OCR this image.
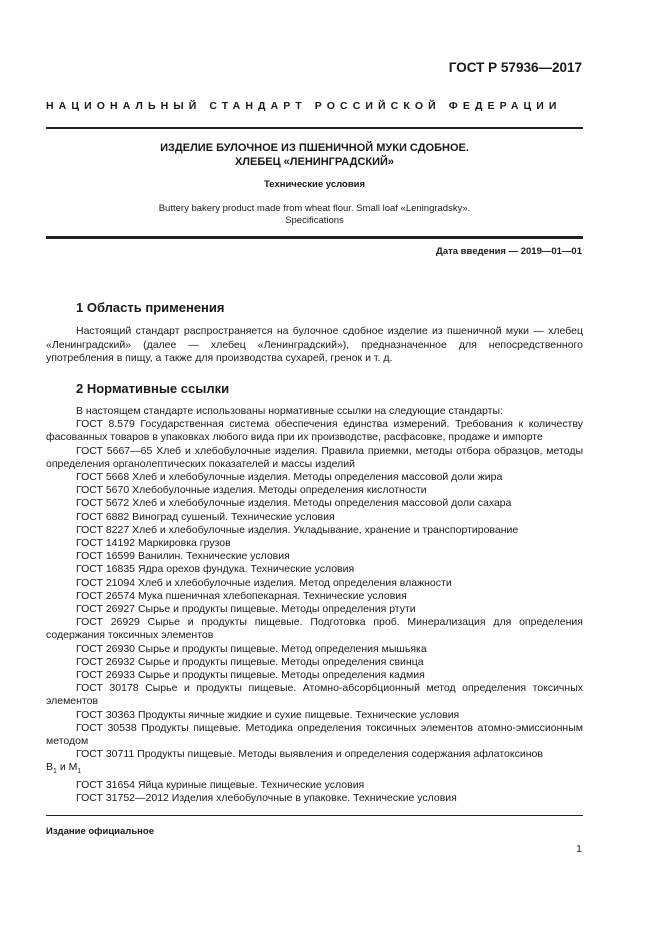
ГОСТ Р 57936—2017
НАЦИОНАЛЬНЫЙ СТАНДАРТ РОССИЙСКОЙ ФЕДЕРАЦИИ
ИЗДЕЛИЕ БУЛОЧНОЕ ИЗ ПШЕНИЧНОЙ МУКИ СДОБНОЕ.
ХЛЕБЕЦ «ЛЕНИНГРАДСКИЙ»
Технические условия
Buttery bakery product made from wheat flour. Small loaf «Leningradsky».
Specifications
Дата введения — 2019—01—01
1 Область применения
Настоящий стандарт распространяется на булочное сдобное изделие из пшеничной муки — хлебец «Ленинградский» (далее — хлебец «Ленинградский»), предназначенное для непосредственного употребления в пищу, а также для производства сухарей, гренок и т. д.
2 Нормативные ссылки
В настоящем стандарте использованы нормативные ссылки на следующие стандарты:
ГОСТ 8.579 Государственная система обеспечения единства измерений. Требования к количеству фасованных товаров в упаковках любого вида при их производстве, расфасовке, продаже и импорте
ГОСТ 5667—65 Хлеб и хлебобулочные изделия. Правила приемки, методы отбора образцов, методы определения органолептических показателей и массы изделий
ГОСТ 5668 Хлеб и хлебобулочные изделия. Методы определения массовой доли жира
ГОСТ 5670 Хлебобулочные изделия. Методы определения кислотности
ГОСТ 5672 Хлеб и хлебобулочные изделия. Методы определения массовой доли сахара
ГОСТ 6882 Виноград сушеный. Технические условия
ГОСТ 8227 Хлеб и хлебобулочные изделия. Укладывание, хранение и транспортирование
ГОСТ 14192 Маркировка грузов
ГОСТ 16599 Ванилин. Технические условия
ГОСТ 16835 Ядра орехов фундука. Технические условия
ГОСТ 21094 Хлеб и хлебобулочные изделия. Метод определения влажности
ГОСТ 26574 Мука пшеничная хлебопекарная. Технические условия
ГОСТ 26927 Сырье и продукты пищевые. Методы определения ртути
ГОСТ 26929 Сырье и продукты пищевые. Подготовка проб. Минерализация для определения содержания токсичных элементов
ГОСТ 26930 Сырье и продукты пищевые. Метод определения мышьяка
ГОСТ 26932 Сырье и продукты пищевые. Методы определения свинца
ГОСТ 26933 Сырье и продукты пищевые. Методы определения кадмия
ГОСТ 30178 Сырье и продукты пищевые. Атомно-абсорбционный метод определения токсичных элементов
ГОСТ 30363 Продукты яичные жидкие и сухие пищевые. Технические условия
ГОСТ 30538 Продукты пищевые. Методика определения токсичных элементов атомно-эмиссионным методом
ГОСТ 30711 Продукты пищевые. Методы выявления и определения содержания афлатоксинов
$В_1$ и $М_1$
ГОСТ 31654 Яйца куриные пищевые. Технические условия
ГОСТ 31752—2012 Изделия хлебобулочные в упаковке. Технические условия
Издание официальное
1
